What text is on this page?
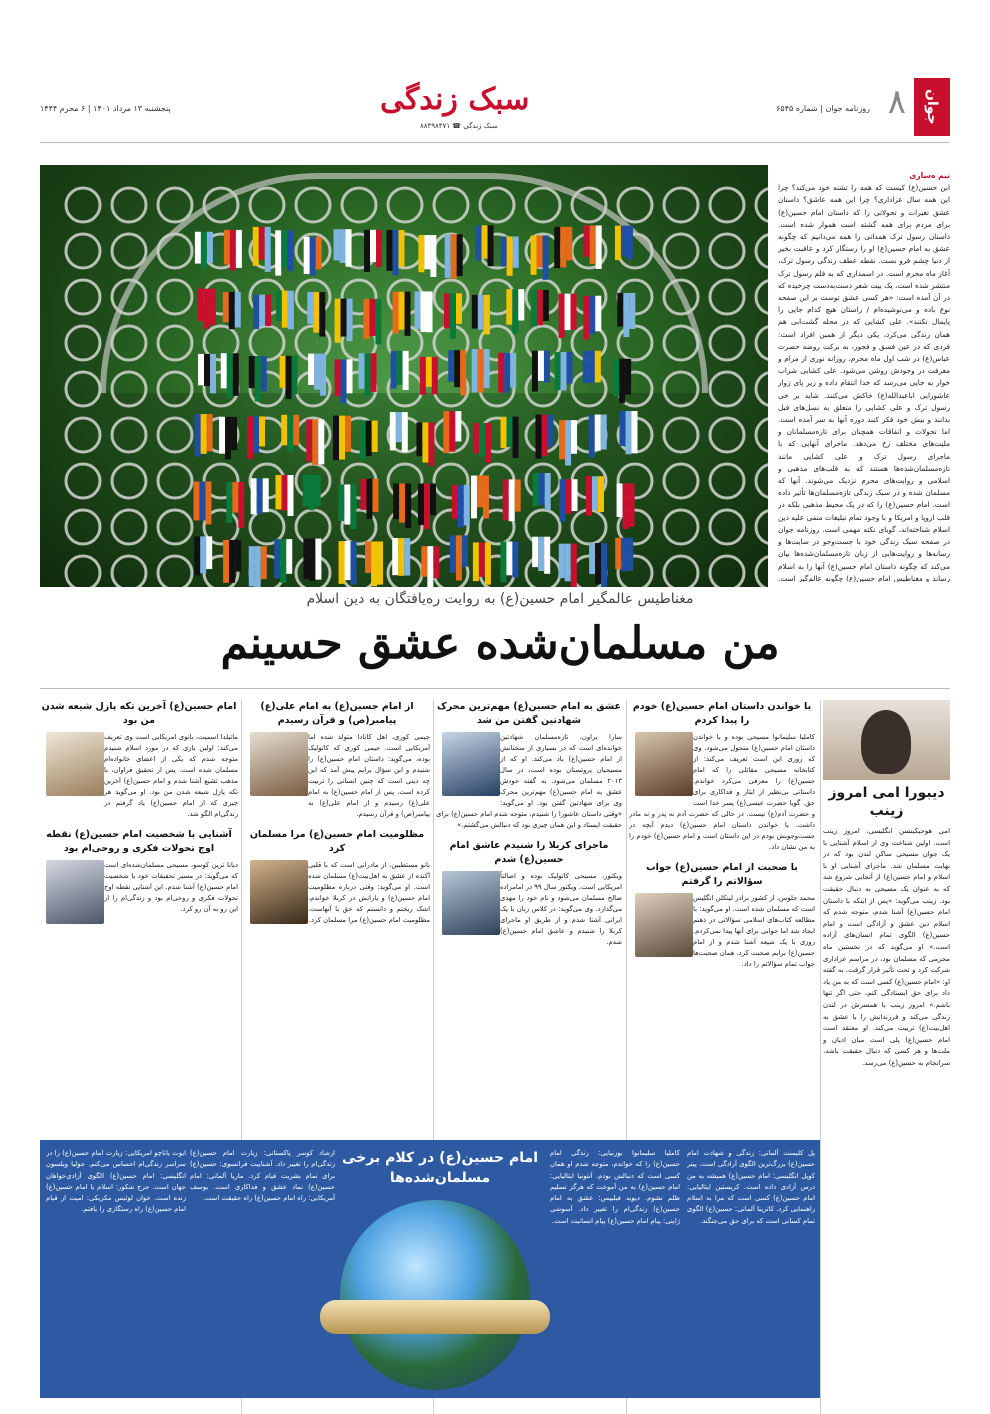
جوان
۸
روزنامه جوان | شماره ۶۵۴۵
سبک زندگی
سبک زندگی ☎ ۸۸۴۹۸۴۷۱
پنجشنبه ۱۳ مرداد ۱۴۰۱ | ۶ محرم ۱۴۴۴
تیم ه‌ساری
ابن حسین(ع) کیست که همه را تشنه خود می‌کند؟ چرا این همه سال عزاداری؟ چرا این همه عاشق؟ داستان عشق تغیرات و تحولاتی را که داستان امام حسین(ع) برای مردم برای همه گشته است هموار شده است. داستان رسول ترک همدانی را همه می‌دانیم که چگونه عشق به امام حسین(ع) او را رستگار کرد و عاقبت بخیر از دنیا چشم فرو بست. نقطه عطف زندگی رسول ترک، آغاز ماه محرم است. در اسمداری که به قلم رسول ترک منتشر شده است، یک بیت شعر دست‌به‌دست چرخیده که در آن آمده است: «هر کسی عشق توست بر این صفحه نوع باده و می‌نوشیده‌ام / راستان هیچ کدام جایی را پایمال نکنند». علی کشایی که در محله گشت‌ابی هم همان زندگی می‌کرد، یکی دیگر از همین افراد است: فردی که در عین فسق و فجور، به برکت روضه حضرت عباس(ع) در شب اول ماه محرم، روزانه نوری از مرام و معرفت در وجودش روشن می‌شود. علی کشایی شراب خوار به جایی می‌رسد که خدا انتقام داده و زیر پای زوار عاشورایی ابا‌عبدالله(ع) خاکش می‌کنند. شاید بر خی رسول ترک و علی کشایی را متعلق به نسل‌های قبل بدانند و بیش خود فکر کنند دوره آنها به سر آمده است. اما تحولات و اتفاقات همچنان برای تازه‌مسلمانان و ملیت‌های مختلف رخ می‌دهد. ماجرای آنهایی که با ماجرای رسول ترک و علی کشایی مانند تازه‌مسلمان‌شده‌ها هستند که به قلب‌های مذهبی و اسلامی و روایت‌های محرم نزدیک می‌شوند. آنها که مسلمان شده و در سبک زندگی تازه‌مسلمان‌ها تأثیر داده است. امام حسین(ع) را که در یک محیط مذهبی بلکه در قلب اروپا و امریکا و با وجود تمام تبلیغات منفی علیه دین اسلام شناخته‌اند، گویای نکته مهمی است. روزنامه جوان در صفحه سبک زندگی خود با جست‌وجو در سایت‌ها و رسانه‌ها و روایت‌هایی از زبان تازه‌مسلمان‌شده‌ها بیان می‌کند که چگونه داستان امام حسین(ع) آنها را به اسلام رساند و مغناطیس امام حسین(ع) چگونه عالم‌گیر است.
مغناطیس عالمگیر امام حسین(ع) به روایت ره‌یافتگان به دین اسلام
من مسلمان‌شده عشق حسینم
دیبورا امی امروز زینب
امی هوجیکینسن انگلیسی، امروز زینب است. اولین شناخت وی از اسلام آشنایی با یک جوان مسیحی ساکن لندن بود که در نهایت مسلمان شد. ماجرای آشنایی او با اسلام و امام حسین(ع) از آنجایی شروع شد که به عنوان یک مسیحی به دنبال حقیقت بود. زینب می‌گوید: «پس از اینکه با داستان امام حسین(ع) آشنا شدم، متوجه شدم که اسلام دین عشق و آزادگی است و امام حسین(ع) الگوی تمام انسان‌های آزاده است.» او می‌گوید که در نخستین ماه محرمی که مسلمان بود، در مراسم عزاداری شرکت کرد و تحت تأثیر قرار گرفت. به گفته او: «امام حسین(ع) کسی است که به من یاد داد برای حق ایستادگی کنم، حتی اگر تنها باشم.» امروز زینب با همسرش در لندن زندگی می‌کند و فرزندانش را با عشق به اهل‌بیت(ع) تربیت می‌کند. او معتقد است امام حسین(ع) پلی است میان ادیان و ملت‌ها و هر کسی که دنبال حقیقت باشد، سرانجام به حسین(ع) می‌رسد.
با خواندن داستان امام حسین(ع) خودم را پیدا کردم
کاملیا سلیمانوا مسیحی بوده و با خواندن داستان امام حسین(ع) متحول می‌شود. وی که روزی این است تعریف می‌کند: از کتابخانه مسیحی مقاتلی را که امام حسین(ع) را معرفی می‌کرد خواندم. داستانی بی‌نظیر از ایثار و فداکاری برای حق. گویا حضرت عیسی(ع) پسر خدا است و حضرت آدم(ع) نیست. در حالی که حضرت آدم نه پدر و نه مادر داشت. با خواندن داستان امام حسین(ع) دیدم آنچه در جست‌وجویش بودم در این داستان است و امام حسین(ع) خودم را به من نشان داد.
با صحبت از امام حسین(ع) جواب سؤالاتم را گرفتم
محمد جلوس، از کشور برادر لینکلن انگلیس است که مسلمان شده است. او می‌گوید: با مطالعه کتاب‌های اسلامی سؤالاتی در ذهنم ایجاد شد اما جوابی برای آنها پیدا نمی‌کردم. روزی با یک شیعه آشنا شدم و از امام حسین(ع) برایم صحبت کرد. همان صحبت‌ها جواب تمام سؤالاتم را داد.
عشق به امام حسین(ع) مهم‌ترین محرک شهادتین گفتن من شد
سارا براون، تازه‌مسلمان شهادتین خوانده‌ای است که در بسیاری از سخنانش از امام حسین(ع) یاد می‌کند. او که از مسیحیان پروتستان بوده است، در سال ۲۰۱۳ مسلمان می‌شود. به گفته خودش عشق به امام حسین(ع) مهم‌ترین محرک وی برای شهادتین گفتن بود. او می‌گوید: «وقتی داستان عاشورا را شنیدم، متوجه شدم امام حسین(ع) برای حقیقت ایستاد و این همان چیزی بود که دنبالش می‌گشتم.»
ماجرای کربلا را شنیدم عاشق امام حسین(ع) شدم
ویکتور، مسیحی کاتولیک بوده و اصالتاً امریکایی است. ویکتور سال ۹۹ در امامزاده صالح مسلمان می‌شود و نام خود را مهدی می‌گذارد. وی می‌گوید: در کلاس زبان با یک ایرانی آشنا شدم و از طریق او ماجرای کربلا را شنیدم و عاشق امام حسین(ع) شدم.
از امام حسین(ع) به امام علی(ع) پیامبر(ص) و قرآن رسیدم
جیمی کوری، اهل کانادا متولد شده اما آمریکایی است. جیمی کوری که کاتولیک بوده، می‌گوید: داستان امام حسین(ع) را شنیدم و این سؤال برایم پیش آمد که این چه دینی است که چنین انسانی را تربیت کرده است. پس از امام حسین(ع) به امام علی(ع) رسیدم و از امام علی(ع) به پیامبر(ص) و قرآن رسیدم.
مظلومیت امام حسین(ع) مرا مسلمان کرد
بانو مستطبین، از مادرانی است که با قلبی آکنده از عشق به اهل‌بیت(ع) مسلمان شده است. او می‌گوید: وقتی درباره مظلومیت امام حسین(ع) و یارانش در کربلا خواندم، اشک ریختم و دانستم که حق با آنهاست. مظلومیت امام حسین(ع) مرا مسلمان کرد.
امام حسین(ع) آخرین تکه پازل شیعه شدن من بود
ماتیلدا اسمیت، بانوی امریکایی است وی تعریف می‌کند: اولین بازی که در مورد اسلام شنیدم متوجه شدم که یکی از اعضای خانواده‌ام مسلمان شده است. پس از تحقیق فراوان، با مذهب تشیع آشنا شدم و امام حسین(ع) آخرین تکه پازل شیعه شدن من بود. او می‌گوید هر چیزی که از امام حسین(ع) یاد گرفتم در زندگی‌ام الگو شد.
آشنایی با شخصیت امام حسین(ع) نقطه اوج تحولات فکری و روحی‌ام بود
دیانا ترین کوسو، مسیحی مسلمان‌شده‌ای است که می‌گوید: در مسیر تحقیقات خود با شخصیت امام حسین(ع) آشنا شدم. این آشنایی نقطه اوج تحولات فکری و روحی‌ام بود و زندگی‌ام را از این رو به آن رو کرد.
امام حسین(ع) در کلام برخی مسلمان‌شده‌ها
پل کلیمنت آلمانی: زندگی و شهادت امام حسین(ع) بزرگ‌ترین الگوی آزادگی است. پیتر کوپل انگلیسی: امام حسین(ع) همیشه به من درس آزادی داده است. کریستین ایتالیایی: امام حسین(ع) کسی است که مرا به اسلام راهنمایی کرد. کاترینا آلمانی: حسین(ع) الگوی تمام کسانی است که برای حق می‌جنگند.
کاملیا سلیمانوا بوزنیایی: زندگی امام حسین(ع) را که خواندم، متوجه شدم او همان کسی است که دنبالش بودم. آنتونیا ایتالیایی: امام حسین(ع) به من آموخت که هرگز تسلیم ظلم نشوم. دیوید فیلیپس: عشق به امام حسین(ع) زندگی‌ام را تغییر داد. آسوشی ژاپنی: پیام امام حسین(ع) پیام انسانیت است.
ارشاد کوسر پاکستانی: زیارت امام حسین(ع) زندگی‌ام را تغییر داد. آشناییت فرانسوی: حسین(ع) برای تمام بشریت قیام کرد. ماریا آلمانی: امام حسین(ع) نماد عشق و فداکاری است. یوسف آمریکایی: راه امام حسین(ع) راه حقیقت است.
ایوت یاتاچو امریکایی: زیارت امام حسین(ع) را در سراسر زندگی‌ام احساس می‌کنم. جولیا ویلسون انگلیسی: امام حسین(ع) الگوی آزادی‌خواهان جهان است. جرج شکور: اسلام با امام حسین(ع) زنده است. خوان لوئیس مکزیکی: امیت از قیام امام حسین(ع) راه رستگاری را یافتم.
